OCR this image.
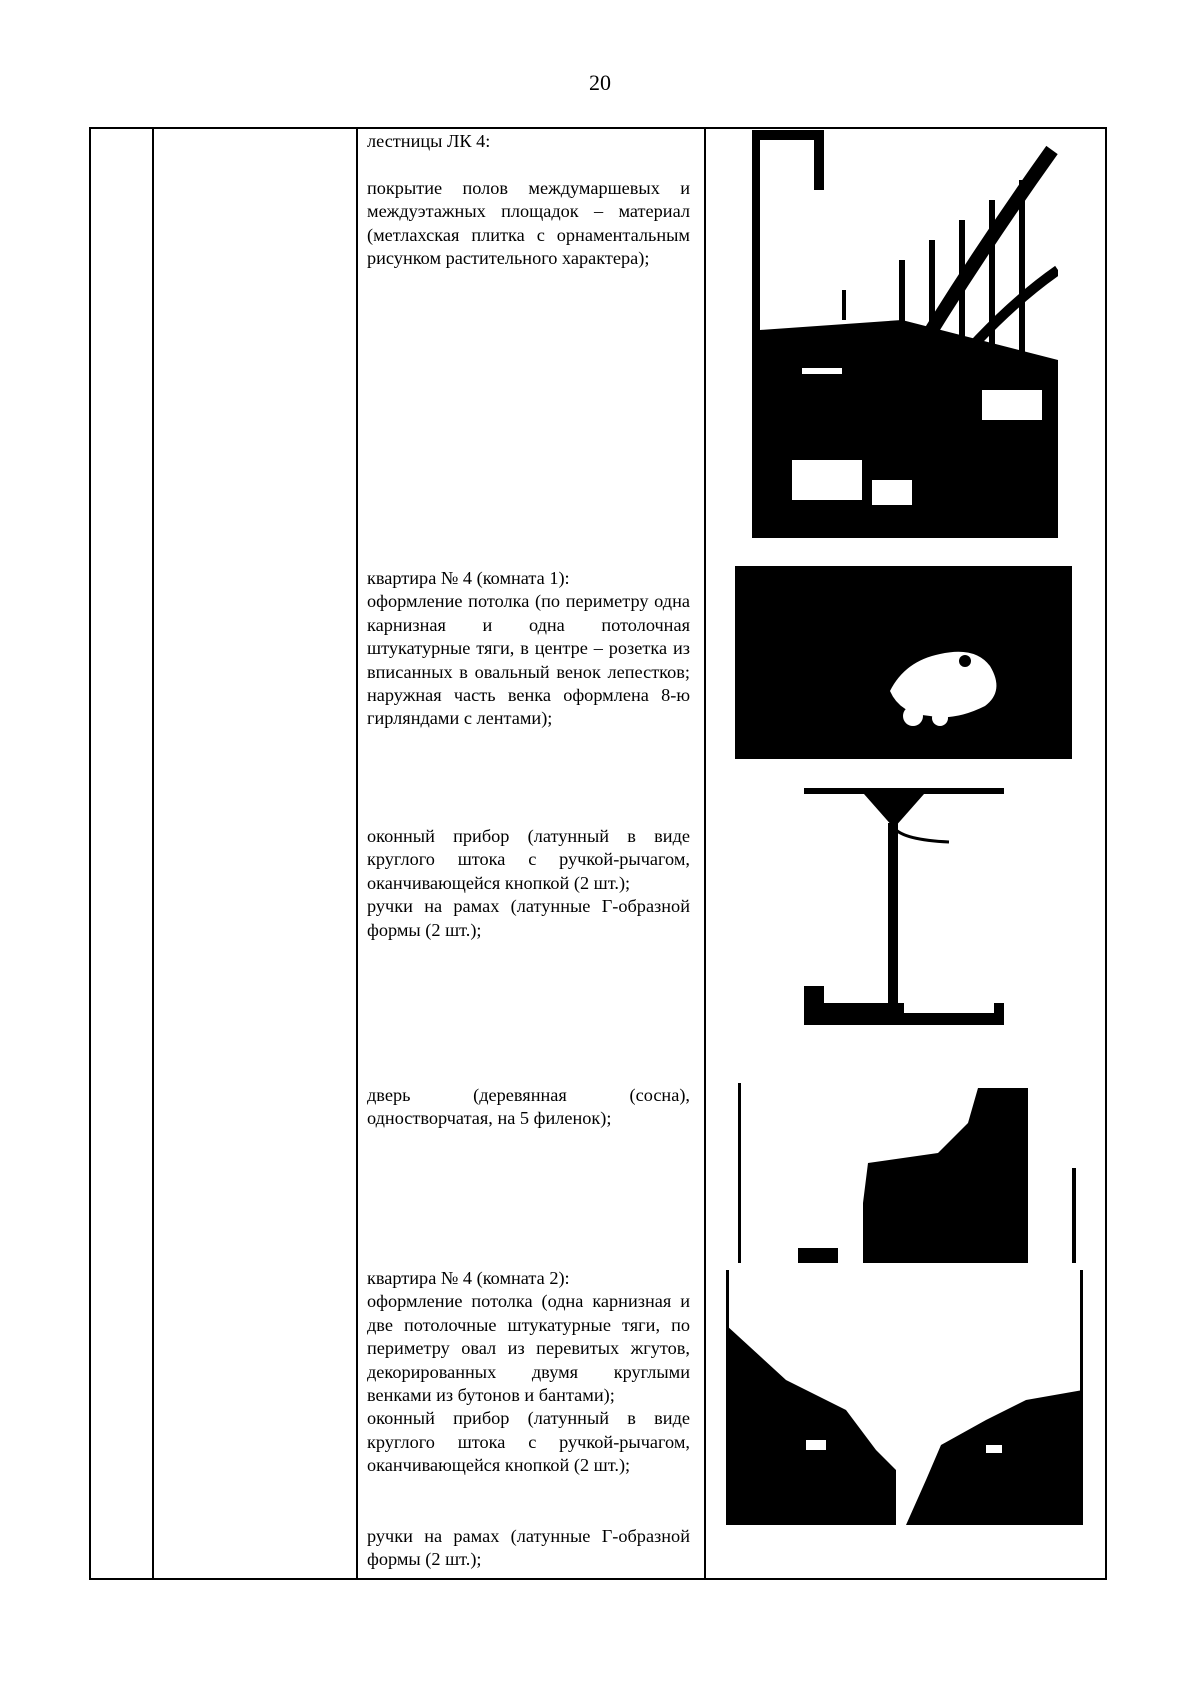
20

лестницы ЛК 4:

покрытие полов междумаршевых и междуэтажных площадок – материал (метлахская плитка с орнаментальным рисунком растительного характера);

квартира № 4 (комната 1):

оформление потолка (по периметру одна карнизная и одна потолочная штукатурные тяги, в центре – розетка из вписанных в овальный венок лепестков; наружная часть венка оформлена 8-ю гирляндами с лентами);

оконный прибор (латунный в виде круглого штока с ручкой-рычагом, оканчивающейся кнопкой (2 шт.);

ручки на рамах (латунные Г-образной формы (2 шт.);

дверь (деревянная (сосна), одностворчатая, на 5 филенок);

квартира № 4 (комната 2):

оформление потолка (одна карнизная и две потолочные штукатурные тяги, по периметру овал из перевитых жгутов, декорированных двумя круглыми венками из бутонов и бантами);

оконный прибор (латунный в виде круглого штока с ручкой-рычагом, оканчивающейся кнопкой (2 шт.);

ручки на рамах (латунные Г-образной формы (2 шт.);
